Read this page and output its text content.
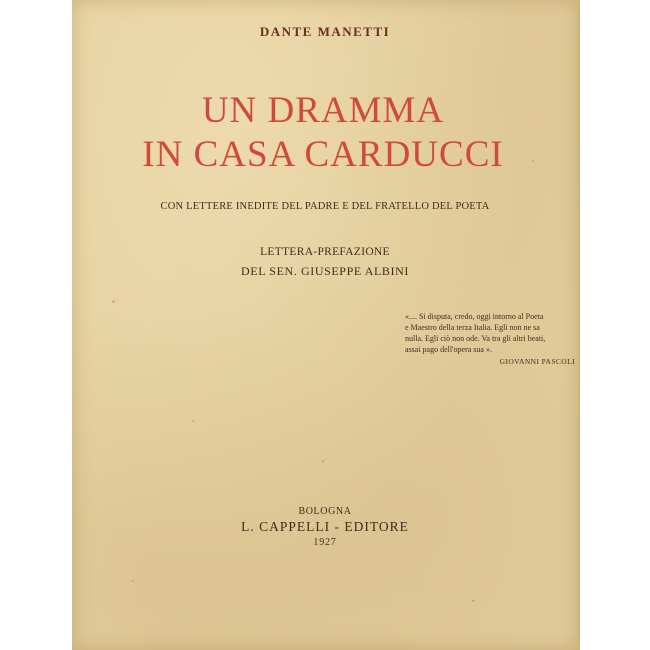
DANTE MANETTI
UN DRAMMA
IN CASA CARDUCCI
CON LETTERE INEDITE DEL PADRE E DEL FRATELLO DEL POETA
LETTERA-PREFAZIONE
DEL SEN. GIUSEPPE ALBINI
«.... Si disputa, credo, oggi intorno al Poeta
e Maestro della terza Italia. Egli non ne sa
nulla. Egli ciò non ode. Va tra gli altri beati,
assai pago dell'opera sua ».
GIOVANNI PASCOLI
BOLOGNA
L. CAPPELLI - EDITORE
1927
